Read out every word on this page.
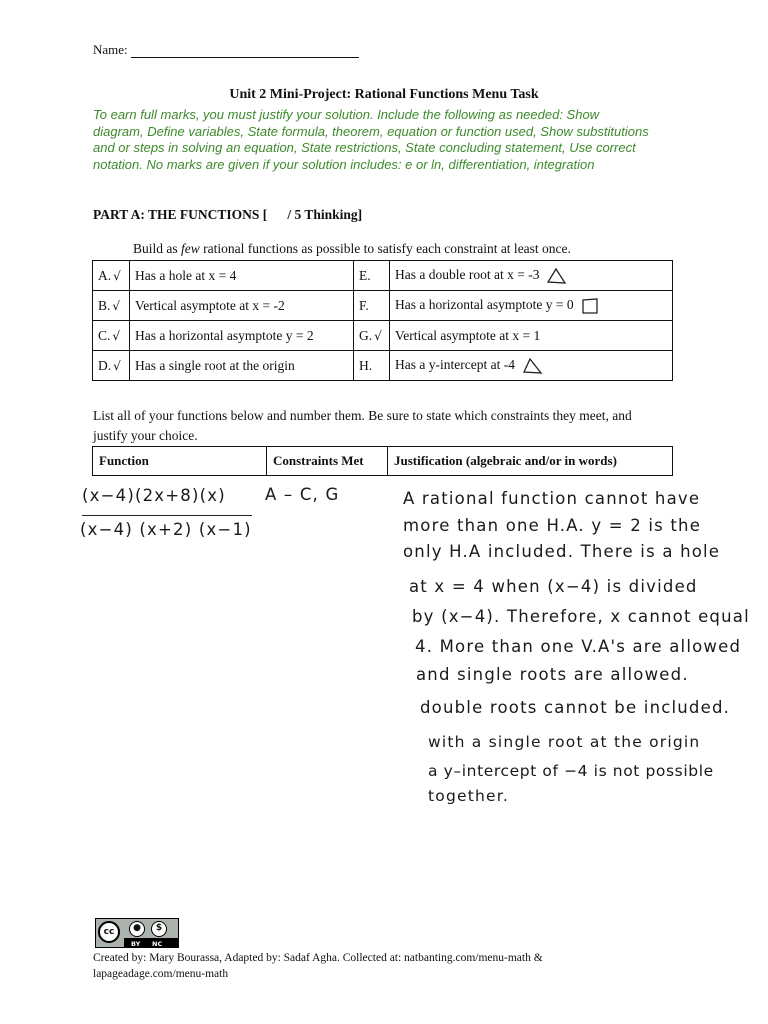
Name:
Unit 2 Mini-Project: Rational Functions Menu Task
To earn full marks, you must justify your solution. Include the following as needed: Show diagram, Define variables, State formula, theorem, equation or function used, Show substitutions and or steps in solving an equation, State restrictions, State concluding statement, Use correct notation. No marks are given if your solution includes: e or ln, differentiation, integration
PART A: THE FUNCTIONS [ / 5 Thinking]
Build as few rational functions as possible to satisfy each constraint at least once.
A. √	Has a hole at x = 4	E.	Has a double root at x = -3
B. √	Vertical asymptote at x = -2	F.	Has a horizontal asymptote y = 0
C. √	Has a horizontal asymptote y = 2	G. √	Vertical asymptote at x = 1
D. √	Has a single root at the origin	H.	Has a y-intercept at -4
List all of your functions below and number them. Be sure to state which constraints they meet, and justify your choice.
Function	Constraints Met	Justification (algebraic and/or in words)
(x−4)(2x+8)(x)
(x−4) (x+2) (x−1)
A – C, G	A rational function cannot have
more than one H.A. y = 2 is the
only H.A included. There is a hole
at x = 4 when (x−4) is divided
by (x−4). Therefore, x cannot equal
4. More than one V.A's are allowed
and single roots are allowed.
double roots cannot be included.
with a single root at the origin
a y–intercept of −4 is not possible
together.
cc	●	$
BY NC
Created by: Mary Bourassa, Adapted by: Sadaf Agha. Collected at: natbanting.com/menu-math & lapageadage.com/menu-math
